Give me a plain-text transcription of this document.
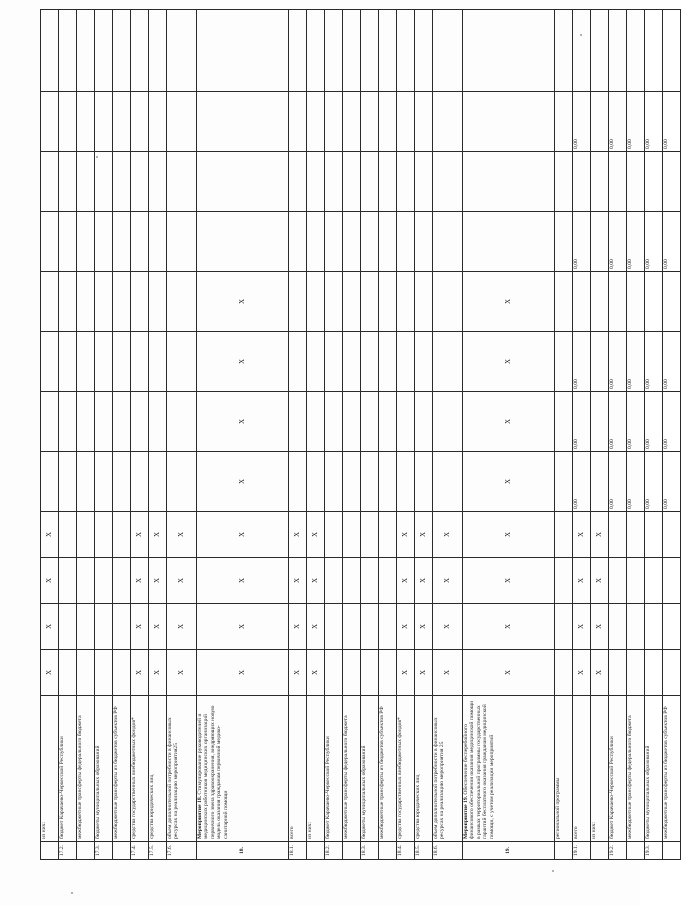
	из них:	X	X	X	X								
17.2.	бюджет Карачаево-Черкесской Республики												
	межбюджетные трансферты федерального бюджета												
17.3.	бюджеты муниципальных образований												
	межбюджетные трансферты из бюджетов субъектов РФ												
17.4.	средства государственных внебюджетных фондов*	X	X	X	X								
17.5.	средства юридических лиц	X	X	X	X								
17.6.	объем дополнительной потребности в финансовых ресурсах на реализацию мероприятия25	X	X	X	X								
18.	Мероприятие 18. Стимулирование руководителей и медицинских работников медицинских организаций первичного звена здравоохранения, внедряющих новую модель оказания гражданам первичной медико-санитарной помощи	X	X	X	X	X	X	X	X				
18.1.	всего	X	X	X	X								
	из них:	X	X	X	X								
18.2.	бюджет Карачаево-Черкесской Республики												
	межбюджетные трансферты федерального бюджета												
18.3.	бюджеты муниципальных образований												
	межбюджетные трансферты из бюджетов субъектов РФ												
18.4.	средства государственных внебюджетных фондов*	X	X	X	X								
18.5.	средства юридических лиц	X	X	X	X								
18.6.	объем дополнительной потребности в финансовых ресурсах на реализацию мероприятия 25	X	X	X	X								
19.	Мероприятие 19. Обеспечение бесперебойного финансового обеспечения оказания медицинской помощи в рамках территориальной программы государственных гарантий бесплатного оказания гражданам медицинской помощи, с учетом реализации мероприятий	X	X	X	X	X	X	X	X				
	региональной программы												
19.1.	всего	X	X	X	X	0,00	0,00	0,00		0,00		0,00	
	из них:	X	X	X	X								
19.2.	бюджет Карачаево-Черкесской Республики					0,00	0,00	0,00		0,00		0,00	
	межбюджетные трансферты федерального бюджета					0,00	0,00	0,00		0,00		0,00	
19.3.	бюджеты муниципальных образований					0,00	0,00	0,00		0,00		0,00	
	межбюджетные трансферты из бюджетов субъектов РФ					0,00	0,00	0,00		0,00		0,00	
